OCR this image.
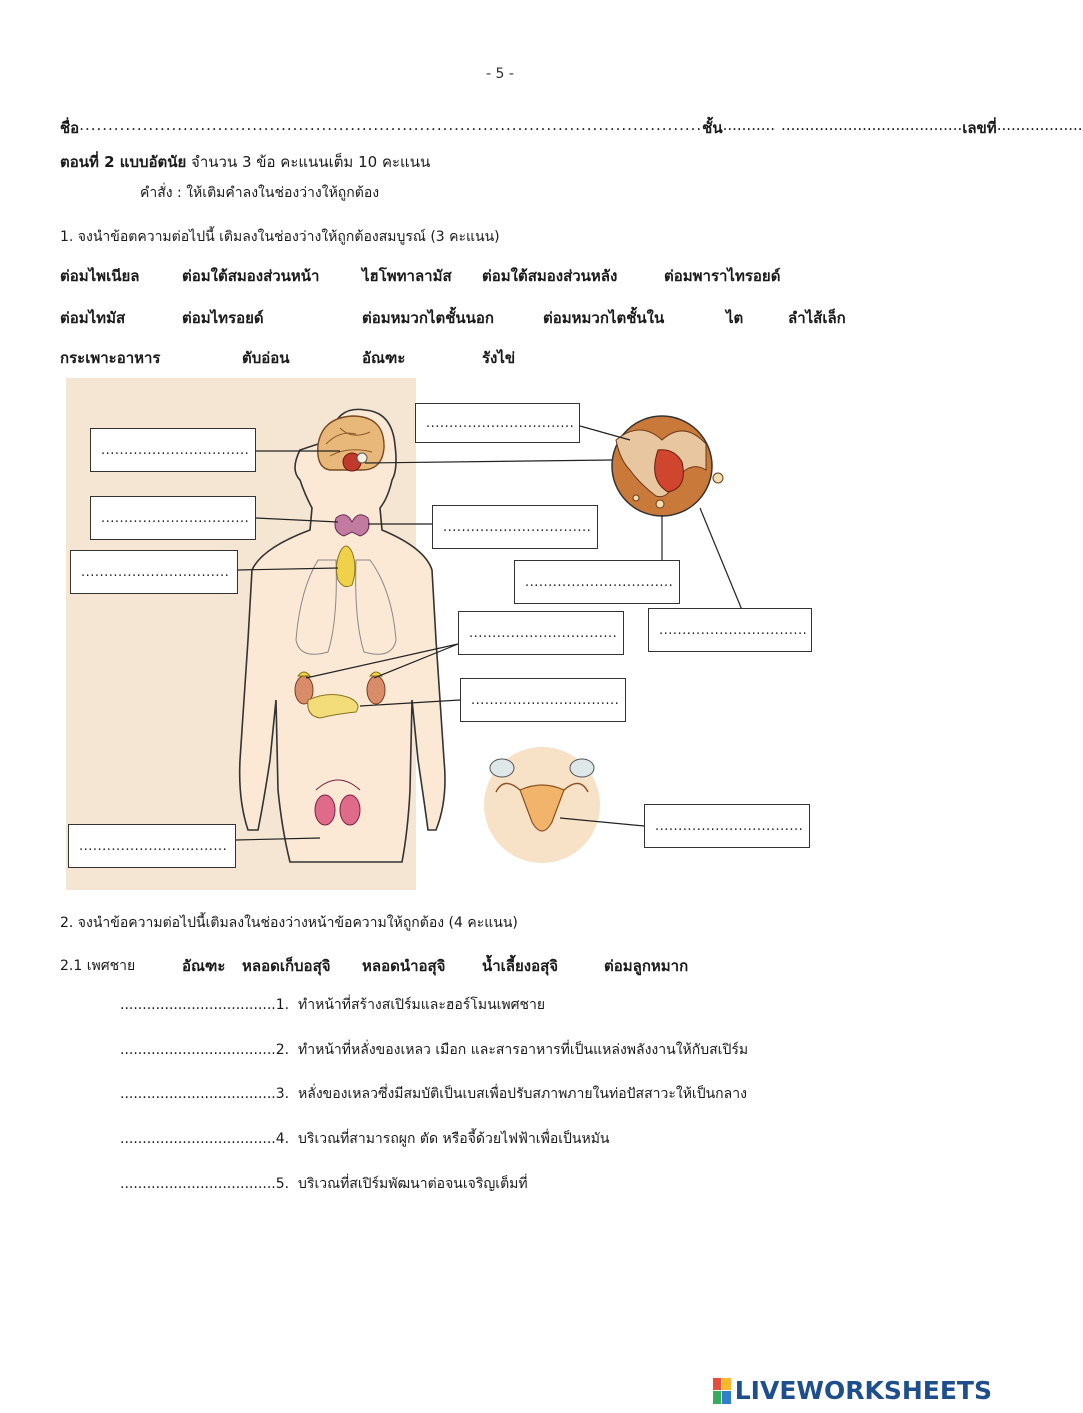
- 5 -
ชื่อ ............................................................................................................ ชั้น ........... ...................................... เลขที่ ..................
ตอนที่ 2 แบบอัตนัย จำนวน 3 ข้อ คะแนนเต็ม 10 คะแนน
คำสั่ง : ให้เติมคำลงในช่องว่างให้ถูกต้อง
1. จงนำข้อตความต่อไปนี้ เติมลงในช่องว่างให้ถูกต้องสมบูรณ์ (3 คะแนน)
ต่อมไพเนียล	ต่อมใต้สมองส่วนหน้า	ไฮโพทาลามัส ต่อมใต้สมองส่วนหลัง	ต่อมพาราไทรอยด์
ต่อมไทมัส	ต่อมไทรอยด์	ต่อมหมวกไตชั้นนอก	ต่อมหมวกไตชั้นใน	ไต	ลำไส้เล็ก
กระเพาะอาหาร	ตับอ่อน	อัณฑะ	รังไข่
................................
................................
................................
................................
................................
................................
................................	................................
................................
................................
................................
2. จงนำข้อความต่อไปนี้เติมลงในช่องว่างหน้าข้อความให้ถูกต้อง (4 คะแนน)
2.1 เพศชาย	อัณฑะ หลอดเก็บอสุจิ หลอดนำอสุจิ น้ำเลี้ยงอสุจิ	ต่อมลูกหมาก
...................................1. ทำหน้าที่สร้างสเปิร์มและฮอร์โมนเพศชาย
...................................2. ทำหน้าที่หลั่งของเหลว เมือก และสารอาหารที่เป็นแหล่งพลังงานให้กับสเปิร์ม
...................................3. หลั่งของเหลวซึ่งมีสมบัติเป็นเบสเพื่อปรับสภาพภายในท่อปัสสาวะให้เป็นกลาง
...................................4. บริเวณที่สามารถผูก ตัด หรือจี้ด้วยไฟฟ้าเพื่อเป็นหมัน
...................................5. บริเวณที่สเปิร์มพัฒนาต่อจนเจริญเต็มที่
LIVEWORKSHEETS
